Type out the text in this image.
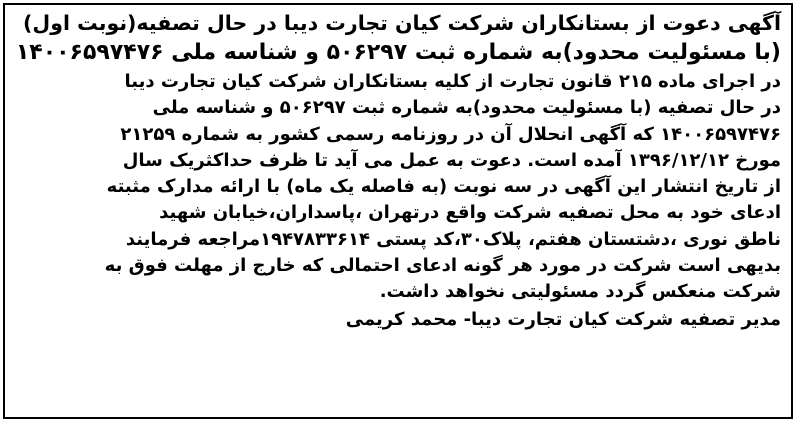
آگهی دعوت از بستانکاران شرکت کیان تجارت دیبا در حال تصفیه(نوبت اول)
(با مسئولیت محدود)به شماره ثبت ۵۰۶۲۹۷ و شناسه ملی ۱۴۰۰۶۵۹۷۴۷۶
در اجرای ماده ۲۱۵ قانون تجارت از کلیه بستانکاران شرکت کیان تجارت دیبا
در حال تصفیه (با مسئولیت محدود)به شماره ثبت ۵۰۶۲۹۷ و شناسه ملی
۱۴۰۰۶۵۹۷۴۷۶ که آگهی انحلال آن در روزنامه رسمی کشور به شماره ۲۱۲۵۹
مورخ ۱۳۹۶/۱۲/۱۲ آمده است. دعوت به عمل می آید تا ظرف حداکثریک سال
از تاریخ انتشار این آگهی در سه نوبت (به فاصله یک ماه) با ارائه مدارک مثبته
ادعای خود به محل تصفیه شرکت واقع درتهران ،پاسداران،خیابان شهید
ناطق نوری ،دشتستان هفتم، پلاک۳۰،کد پستی ۱۹۴۷۸۳۳۶۱۴مراجعه فرمایند
بدیهی است شرکت در مورد هر گونه ادعای احتمالی که خارج از مهلت فوق به
شرکت منعکس گردد مسئولیتی نخواهد داشت.
مدیر تصفیه شرکت کیان تجارت دیبا- محمد کریمی
